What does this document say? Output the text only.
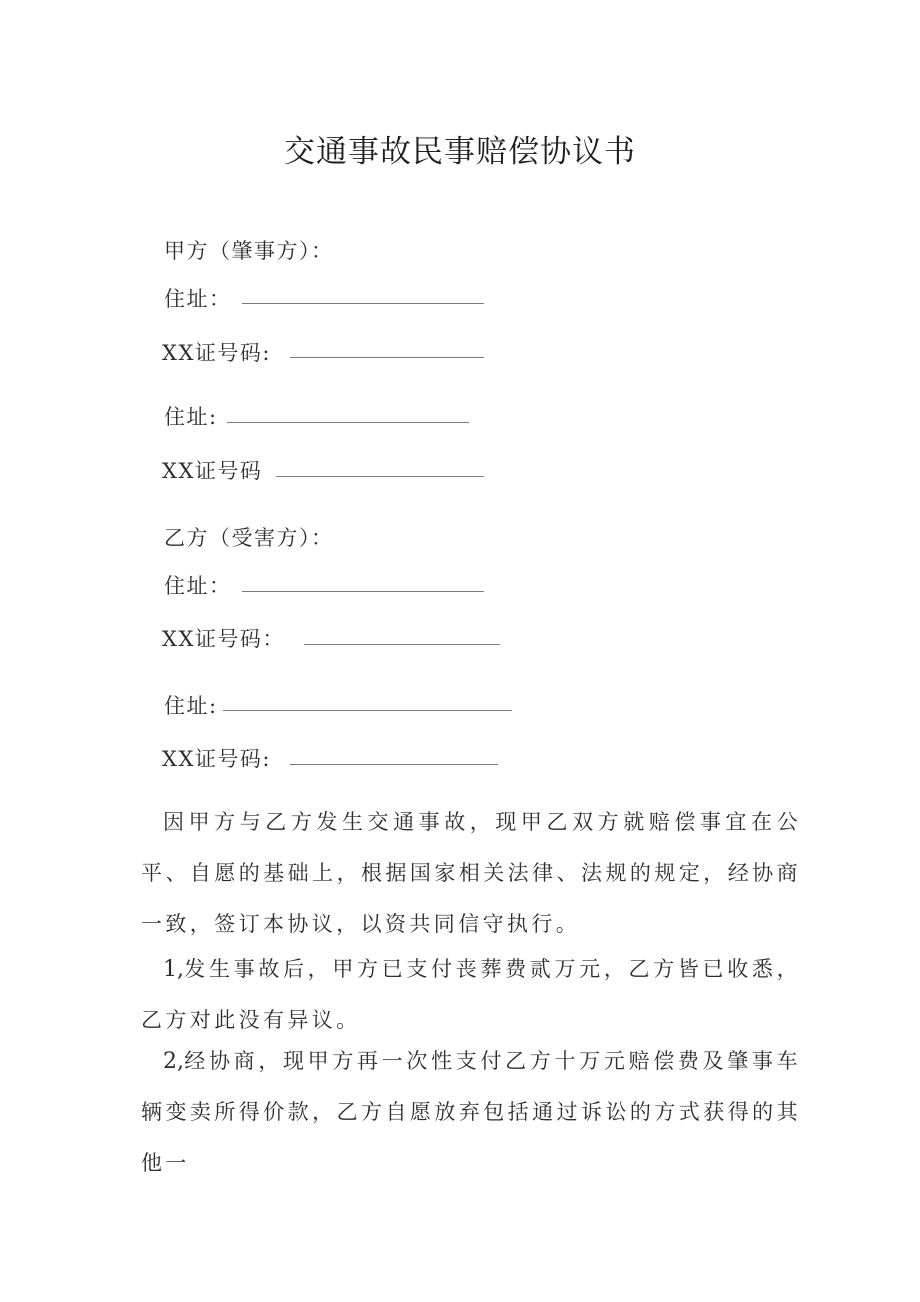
交通事故民事赔偿协议书
甲方（肇事方）：
住址：
XX证号码:
住址:
XX证号码
乙方（受害方）：
住址：
XX证号码：
住址:
XX证号码:
因甲方与乙方发生交通事故，现甲乙双方就赔偿事宜在公平、自愿的基础上，根据国家相关法律、法规的规定，经协商一致，签订本协议，以资共同信守执行。
1,发生事故后，甲方已支付丧葬费贰万元，乙方皆已收悉，乙方对此没有异议。
2,经协商，现甲方再一次性支付乙方十万元赔偿费及肇事车辆变卖所得价款，乙方自愿放弃包括通过诉讼的方式获得的其他一
